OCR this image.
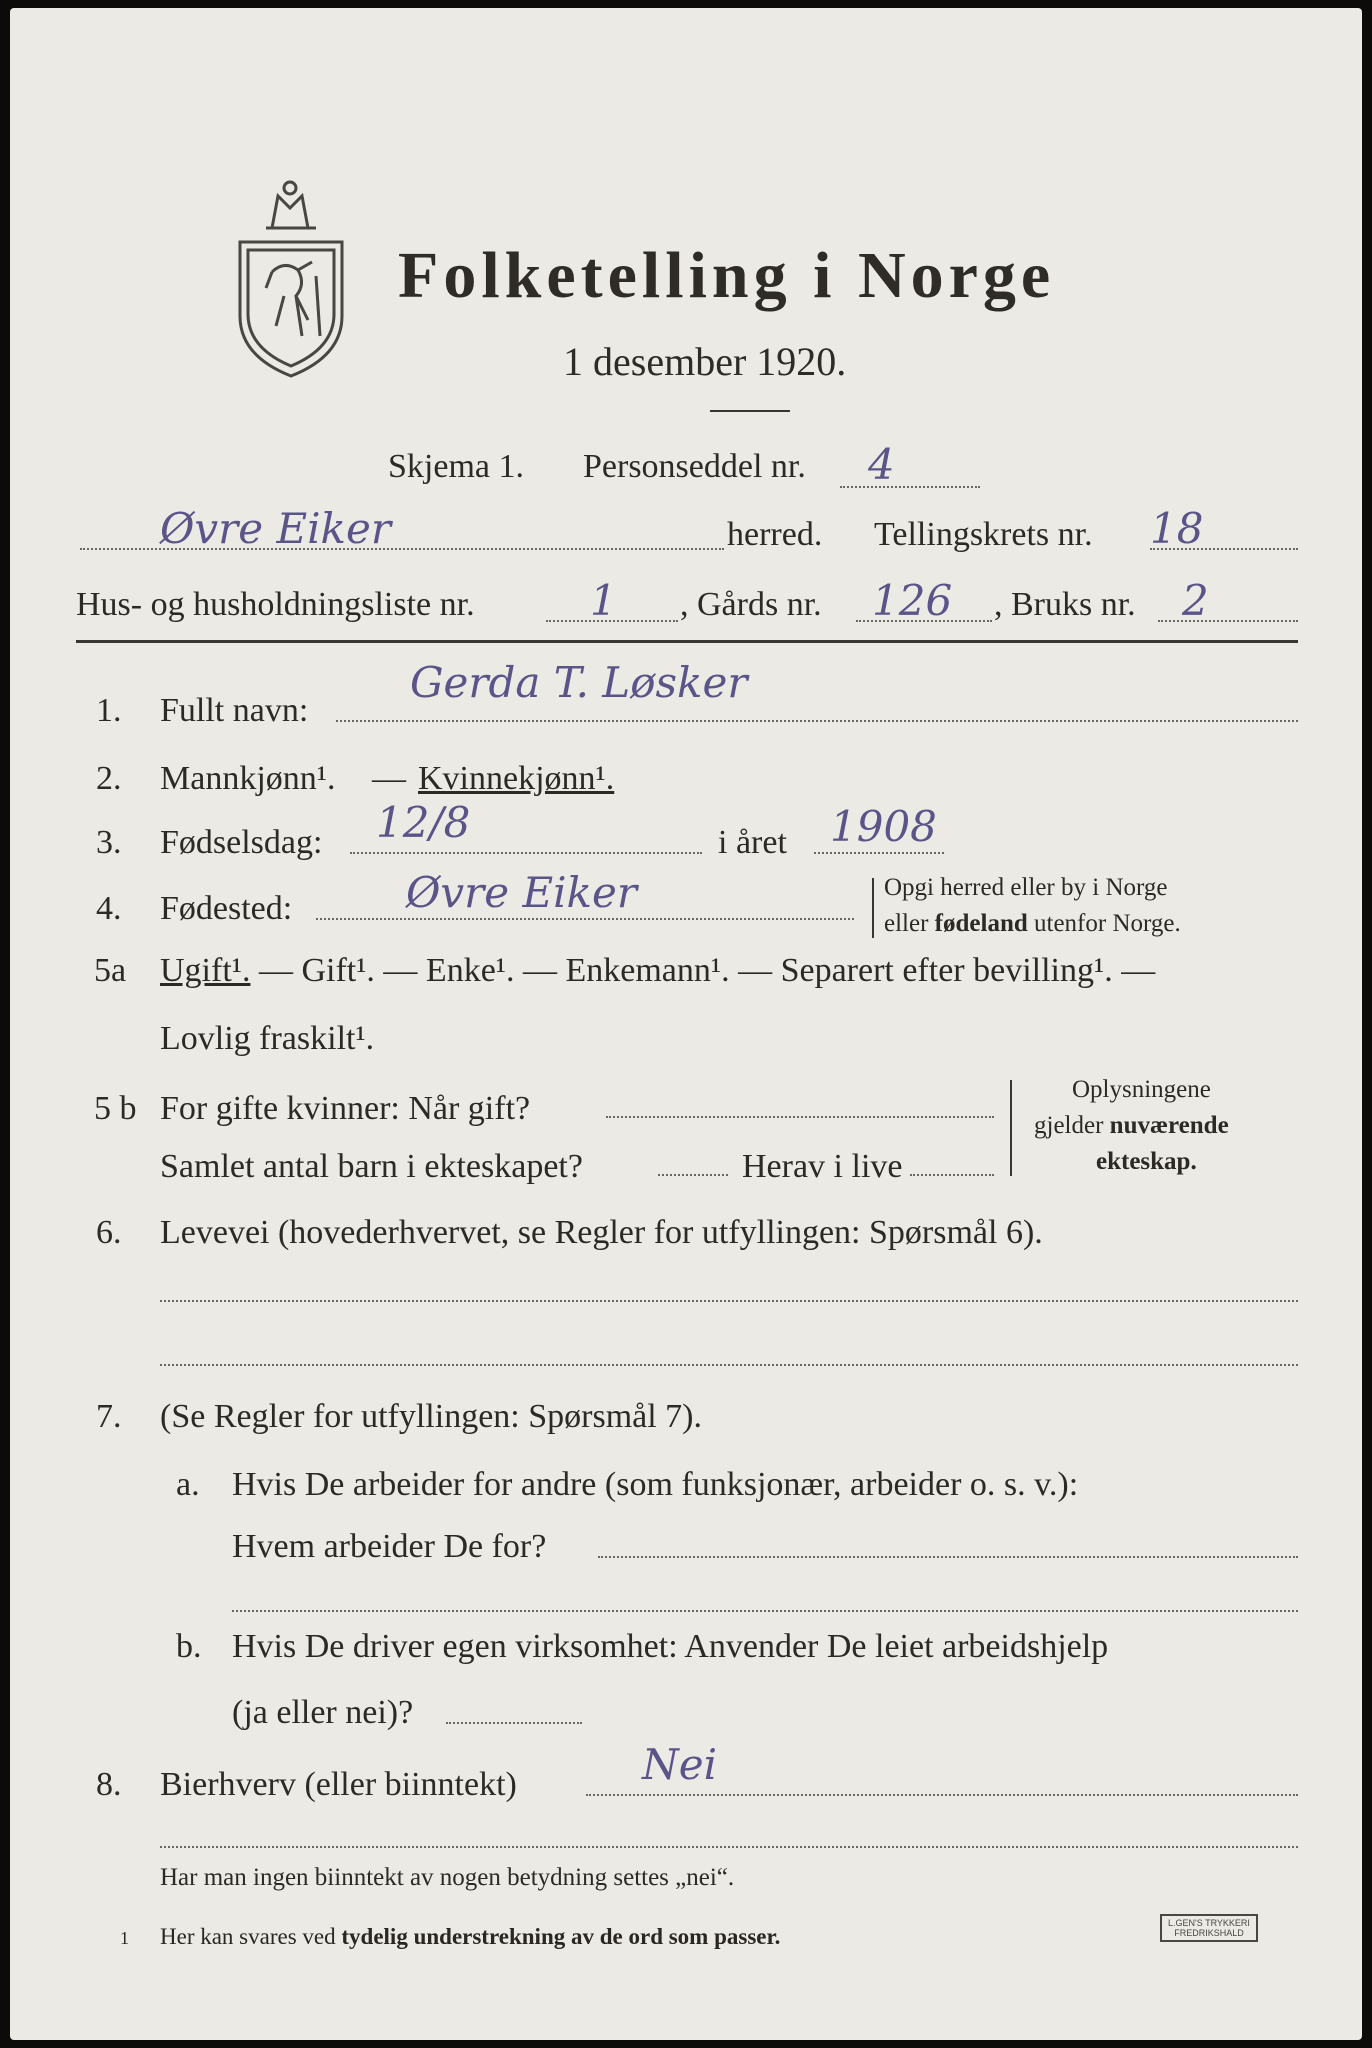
Folketelling i Norge
1 desember 1920.
Skjema 1. Personseddel nr. 4
Øvre Eiker	herred. Tellingskrets nr. 18
Hus- og husholdningsliste nr.	1 , Gårds nr. 126 , Bruks nr. 2
1. Fullt navn:
Gerda T. Løsker
2. Mannkjønn¹. — Kvinnekjønn¹.
3. Fødselsdag: 12/8	i året 1908
4. Fødested:	Øvre Eiker	Opgi herred eller by i Norge
eller fødeland utenfor Norge.
5a Ugift¹. — Gift¹. — Enke¹. — Enkemann¹. — Separert efter bevilling¹. —
Lovlig fraskilt¹.
5 b For gifte kvinner: Når gift?
Samlet antal barn i ekteskapet?	Herav i live
Oplysningene
gjelder nuværende
ekteskap.
6. Levevei (hovederhvervet, se Regler for utfyllingen: Spørsmål 6).
7. (Se Regler for utfyllingen: Spørsmål 7).
a. Hvis De arbeider for andre (som funksjonær, arbeider o. s. v.):
Hvem arbeider De for?
b. Hvis De driver egen virksomhet: Anvender De leiet arbeidshjelp
(ja eller nei)?
8. Bierhverv (eller biinntekt)	Nei
Har man ingen biinntekt av nogen betydning settes „nei“.
1 Her kan svares ved tydelig understrekning av de ord som passer.
L.GEN'S TRYKKERI
FREDRIKSHALD
